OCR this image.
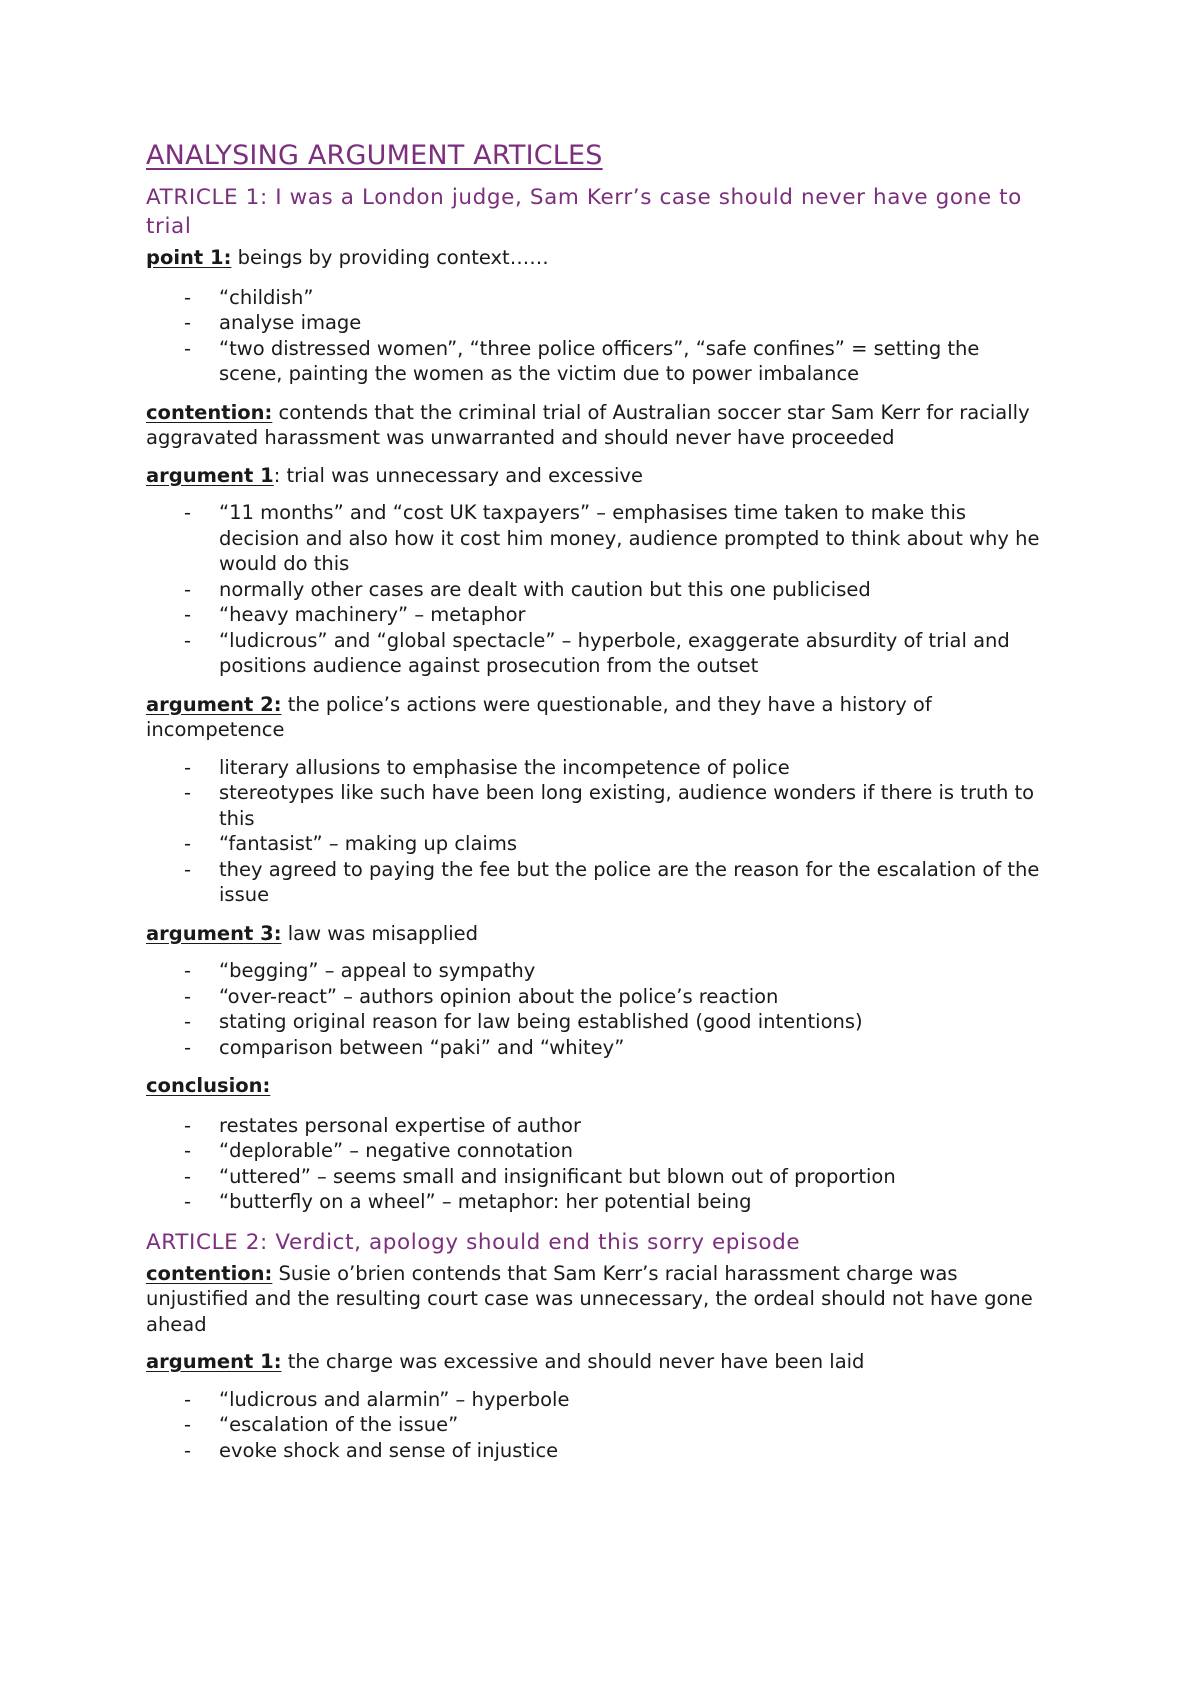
ANALYSING ARGUMENT ARTICLES
ATRICLE 1: I was a London judge, Sam Kerr’s case should never have gone to trial

point 1: beings by providing context……

- “childish”
- analyse image
- “two distressed women”, “three police officers”, “safe confines” = setting the scene, painting the women as the victim due to power imbalance

contention: contends that the criminal trial of Australian soccer star Sam Kerr for racially aggravated harassment was unwarranted and should never have proceeded

argument 1: trial was unnecessary and excessive

- “11 months” and “cost UK taxpayers” – emphasises time taken to make this decision and also how it cost him money, audience prompted to think about why he would do this
- normally other cases are dealt with caution but this one publicised
- “heavy machinery” – metaphor
- “ludicrous” and “global spectacle” – hyperbole, exaggerate absurdity of trial and positions audience against prosecution from the outset

argument 2: the police’s actions were questionable, and they have a history of incompetence

- literary allusions to emphasise the incompetence of police
- stereotypes like such have been long existing, audience wonders if there is truth to this
- “fantasist” – making up claims
- they agreed to paying the fee but the police are the reason for the escalation of the issue

argument 3: law was misapplied

- “begging” – appeal to sympathy
- “over-react” – authors opinion about the police’s reaction
- stating original reason for law being established (good intentions)
- comparison between “paki” and “whitey”

conclusion:

- restates personal expertise of author
- “deplorable” – negative connotation
- “uttered” – seems small and insignificant but blown out of proportion
- “butterfly on a wheel” – metaphor: her potential being
ARTICLE 2: Verdict, apology should end this sorry episode

contention: Susie o’brien contends that Sam Kerr’s racial harassment charge was unjustified and the resulting court case was unnecessary, the ordeal should not have gone ahead

argument 1: the charge was excessive and should never have been laid

- “ludicrous and alarmin” – hyperbole
- “escalation of the issue”
- evoke shock and sense of injustice
